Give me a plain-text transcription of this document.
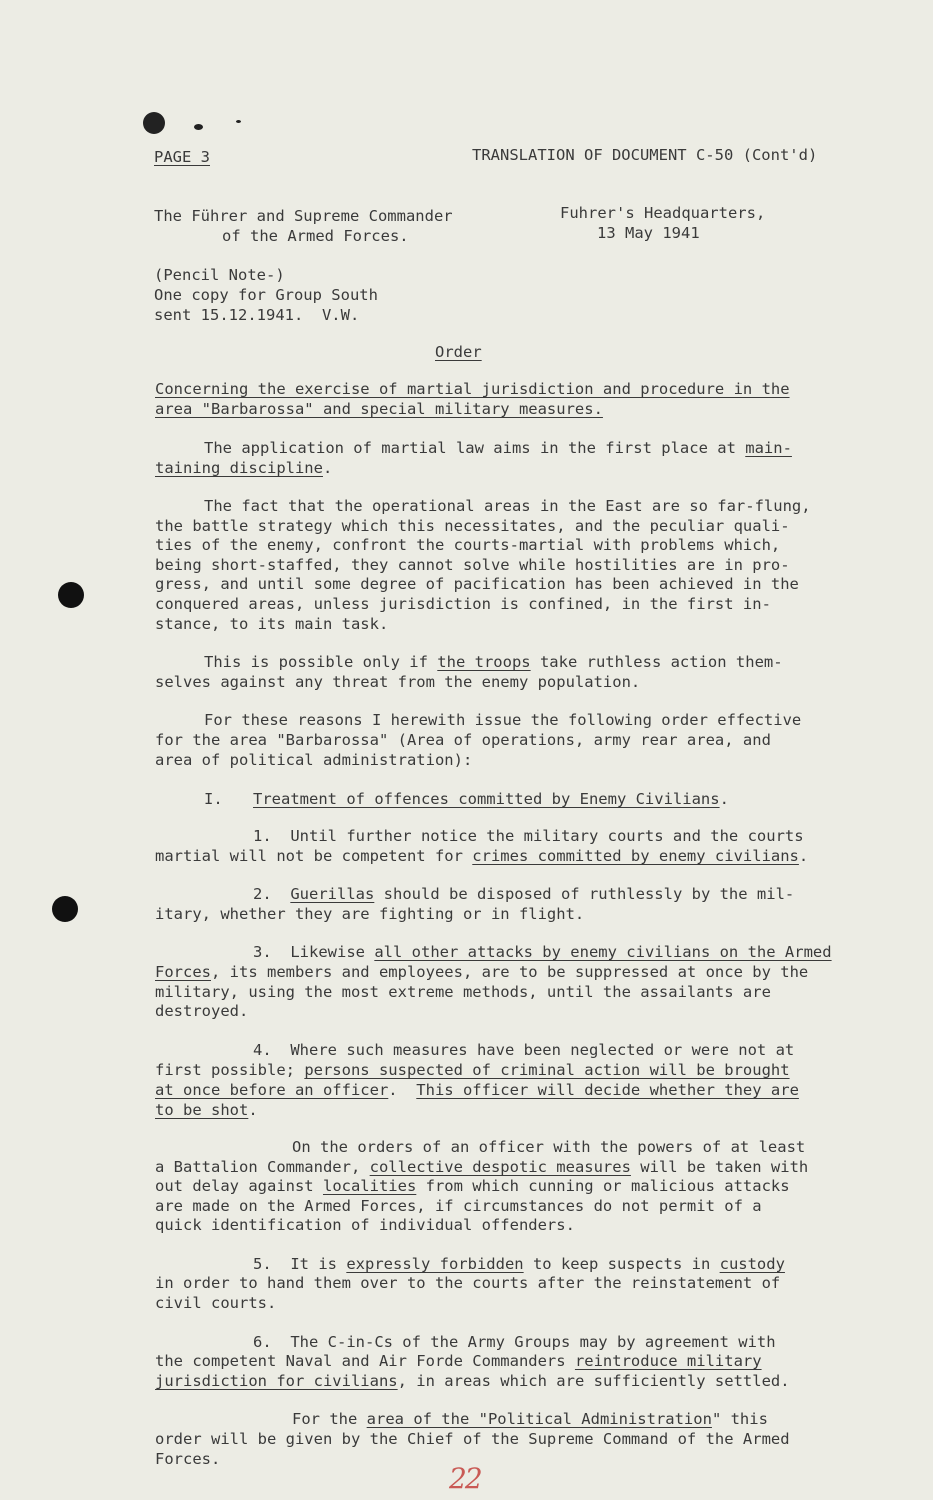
PAGE 3	TRANSLATION OF DOCUMENT C-50 (Cont'd)
The Führer and Supreme Commander
of the Armed Forces.
Fuhrer's Headquarters,
13 May 1941
(Pencil Note-)
One copy for Group South
sent 15.12.1941.  V.W.
Order
Concerning the exercise of martial jurisdiction and procedure in the
area "Barbarossa" and special military measures.
The application of martial law aims in the first place at main-
taining discipline.
The fact that the operational areas in the East are so far-flung,
the battle strategy which this necessitates, and the peculiar quali-
ties of the enemy, confront the courts-martial with problems which,
being short-staffed, they cannot solve while hostilities are in pro-
gress, and until some degree of pacification has been achieved in the
conquered areas, unless jurisdiction is confined, in the first in-
stance, to its main task.
This is possible only if the troops take ruthless action them-
selves against any threat from the enemy population.
For these reasons I herewith issue the following order effective
for the area "Barbarossa" (Area of operations, army rear area, and
area of political administration):
I. Treatment of offences committed by Enemy Civilians.
1.  Until further notice the military courts and the courts
martial will not be competent for crimes committed by enemy civilians.
2.  Guerillas should be disposed of ruthlessly by the mil-
itary, whether they are fighting or in flight.
3.  Likewise all other attacks by enemy civilians on the Armed
Forces, its members and employees, are to be suppressed at once by the
military, using the most extreme methods, until the assailants are
destroyed.
4.  Where such measures have been neglected or were not at
first possible; persons suspected of criminal action will be brought
at once before an officer.  This officer will decide whether they are
to be shot.
On the orders of an officer with the powers of at least
a Battalion Commander, collective despotic measures will be taken with
out delay against localities from which cunning or malicious attacks
are made on the Armed Forces, if circumstances do not permit of a
quick identification of individual offenders.
5.  It is expressly forbidden to keep suspects in custody
in order to hand them over to the courts after the reinstatement of
civil courts.
6.  The C-in-Cs of the Army Groups may by agreement with
the competent Naval and Air Forde Commanders reintroduce military
jurisdiction for civilians, in areas which are sufficiently settled.
For the area of the "Political Administration" this
order will be given by the Chief of the Supreme Command of the Armed
Forces.
22
